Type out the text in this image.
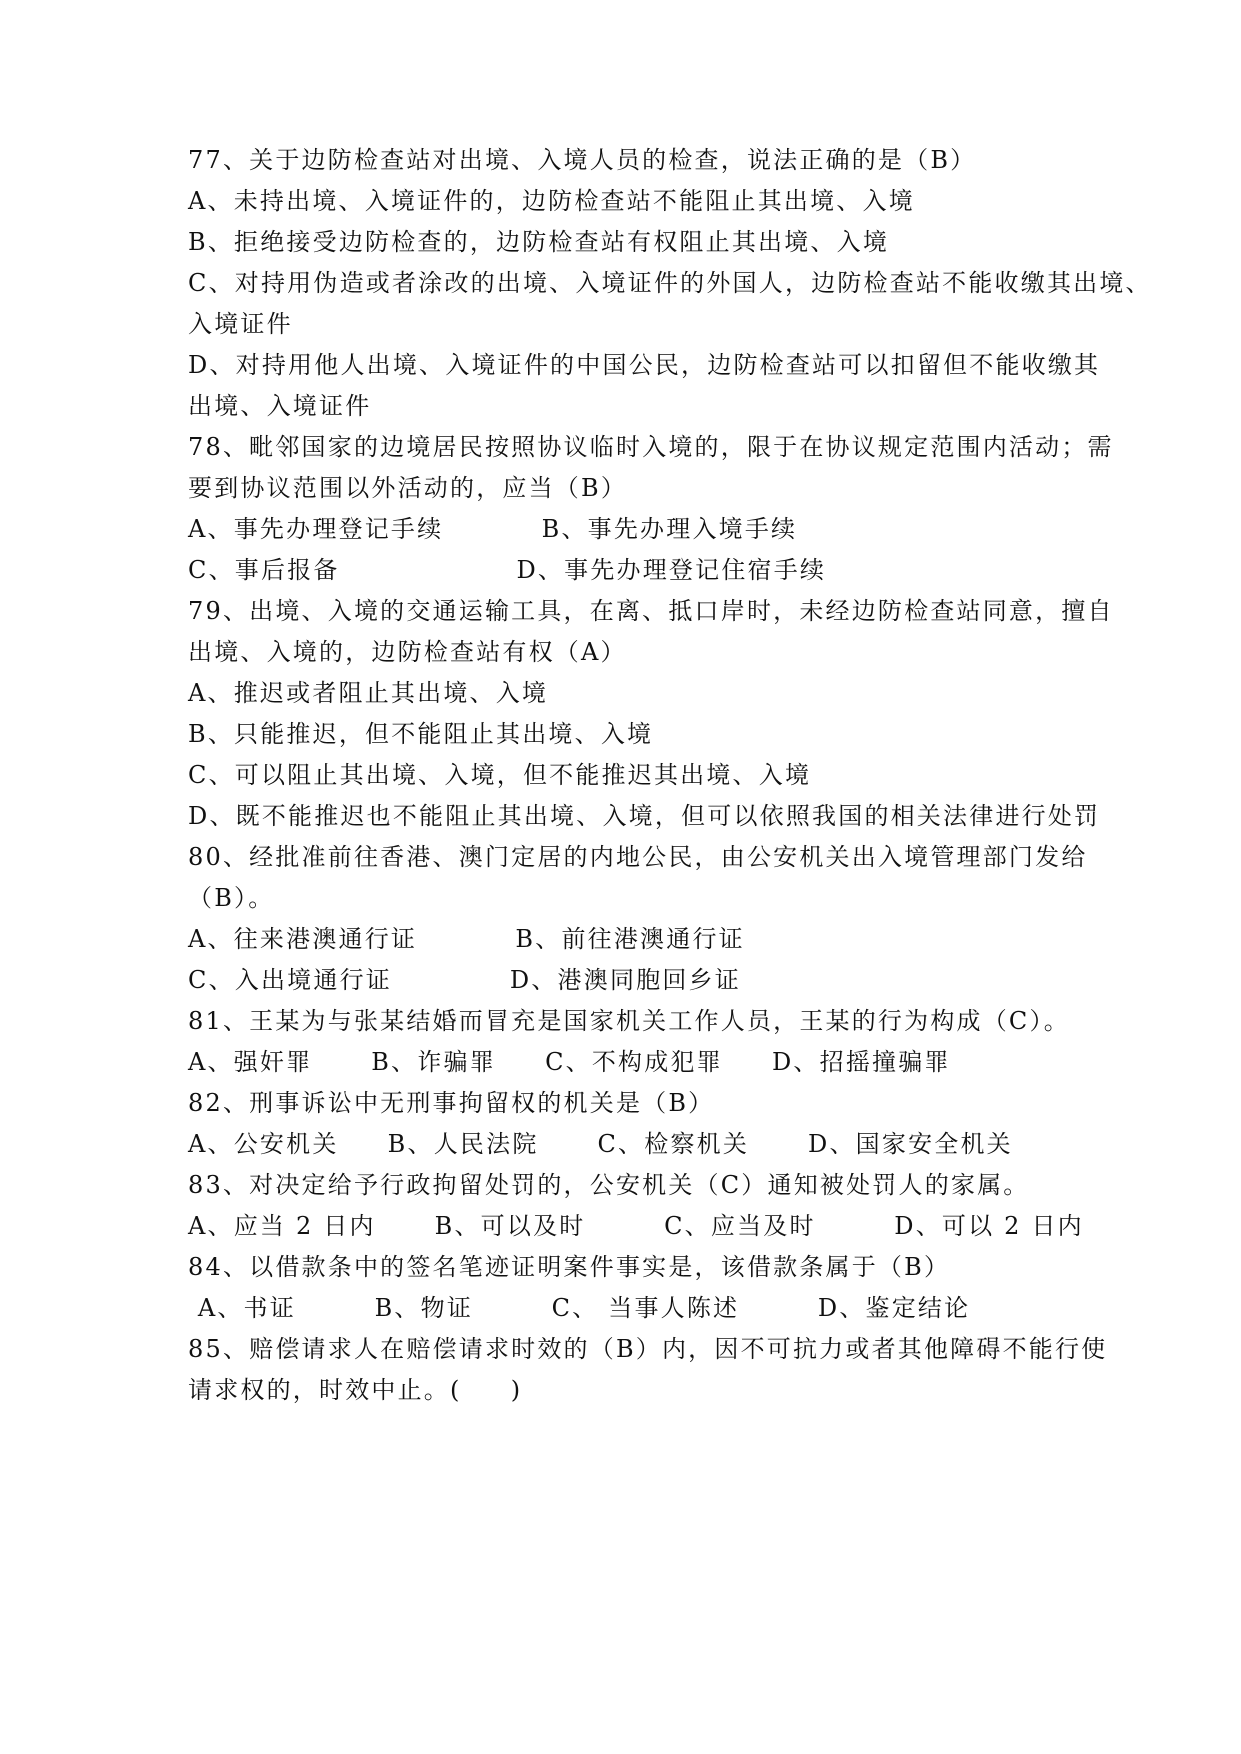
77、关于边防检查站对出境、入境人员的检查，说法正确的是（B）
A、未持出境、入境证件的，边防检查站不能阻止其出境、入境
B、拒绝接受边防检查的，边防检查站有权阻止其出境、入境
C、对持用伪造或者涂改的出境、入境证件的外国人，边防检查站不能收缴其出境、
入境证件
D、对持用他人出境、入境证件的中国公民，边防检查站可以扣留但不能收缴其
出境、入境证件
78、毗邻国家的边境居民按照协议临时入境的，限于在协议规定范围内活动；需
要到协议范围以外活动的，应当（B）
A、事先办理登记手续          B、事先办理入境手续
C、事后报备                  D、事先办理登记住宿手续
79、出境、入境的交通运输工具，在离、抵口岸时，未经边防检查站同意，擅自
出境、入境的，边防检查站有权（A）
A、推迟或者阻止其出境、入境
B、只能推迟，但不能阻止其出境、入境
C、可以阻止其出境、入境，但不能推迟其出境、入境
D、既不能推迟也不能阻止其出境、入境，但可以依照我国的相关法律进行处罚
80、经批准前往香港、澳门定居的内地公民，由公安机关出入境管理部门发给
（B）。
A、往来港澳通行证          B、前往港澳通行证
C、入出境通行证            D、港澳同胞回乡证
81、王某为与张某结婚而冒充是国家机关工作人员，王某的行为构成（C）。
A、强奸罪      B、诈骗罪     C、不构成犯罪     D、招摇撞骗罪
82、刑事诉讼中无刑事拘留权的机关是（B）
A、公安机关     B、人民法院      C、检察机关      D、国家安全机关
83、对决定给予行政拘留处罚的，公安机关（C）通知被处罚人的家属。
A、应当 2 日内      B、可以及时        C、应当及时        D、可以 2 日内
84、以借款条中的签名笔迹证明案件事实是，该借款条属于（B）
A、书证        B、物证        C、 当事人陈述        D、鉴定结论
85、赔偿请求人在赔偿请求时效的（B）内，因不可抗力或者其他障碍不能行使
请求权的，时效中止。(     )
